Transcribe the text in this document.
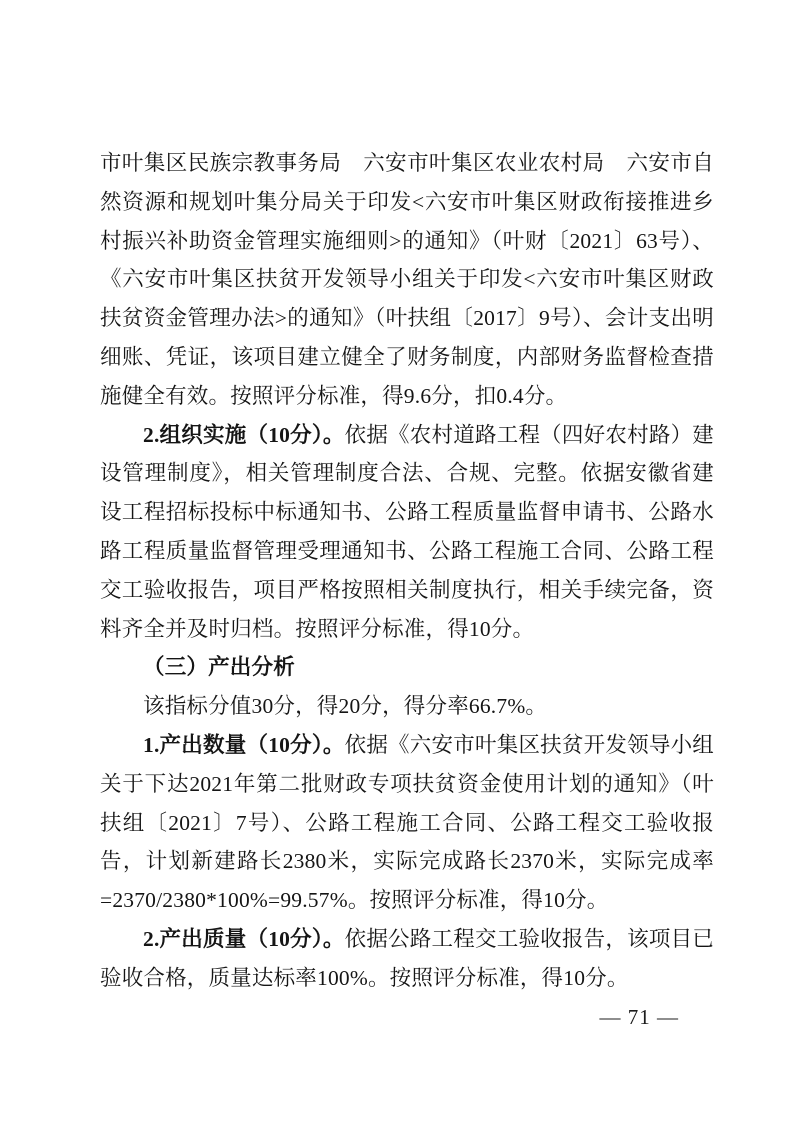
市叶集区民族宗教事务局　六安市叶集区农业农村局　六安市自然资源和规划叶集分局关于印发<六安市叶集区财政衔接推进乡村振兴补助资金管理实施细则>的通知》（叶财〔2021〕63号）、《六安市叶集区扶贫开发领导小组关于印发<六安市叶集区财政扶贫资金管理办法>的通知》（叶扶组〔2017〕9号）、会计支出明细账、凭证，该项目建立健全了财务制度，内部财务监督检查措施健全有效。按照评分标准，得9.6分，扣0.4分。

2.组织实施（10分）。依据《农村道路工程（四好农村路）建设管理制度》，相关管理制度合法、合规、完整。依据安徽省建设工程招标投标中标通知书、公路工程质量监督申请书、公路水路工程质量监督管理受理通知书、公路工程施工合同、公路工程交工验收报告，项目严格按照相关制度执行，相关手续完备，资料齐全并及时归档。按照评分标准，得10分。

（三）产出分析

该指标分值30分，得20分，得分率66.7%。

1.产出数量（10分）。依据《六安市叶集区扶贫开发领导小组关于下达2021年第二批财政专项扶贫资金使用计划的通知》（叶扶组〔2021〕7号）、公路工程施工合同、公路工程交工验收报告，计划新建路长2380米，实际完成路长2370米，实际完成率=2370/2380*100%=99.57%。按照评分标准，得10分。

2.产出质量（10分）。依据公路工程交工验收报告，该项目已验收合格，质量达标率100%。按照评分标准，得10分。

— 71 —
